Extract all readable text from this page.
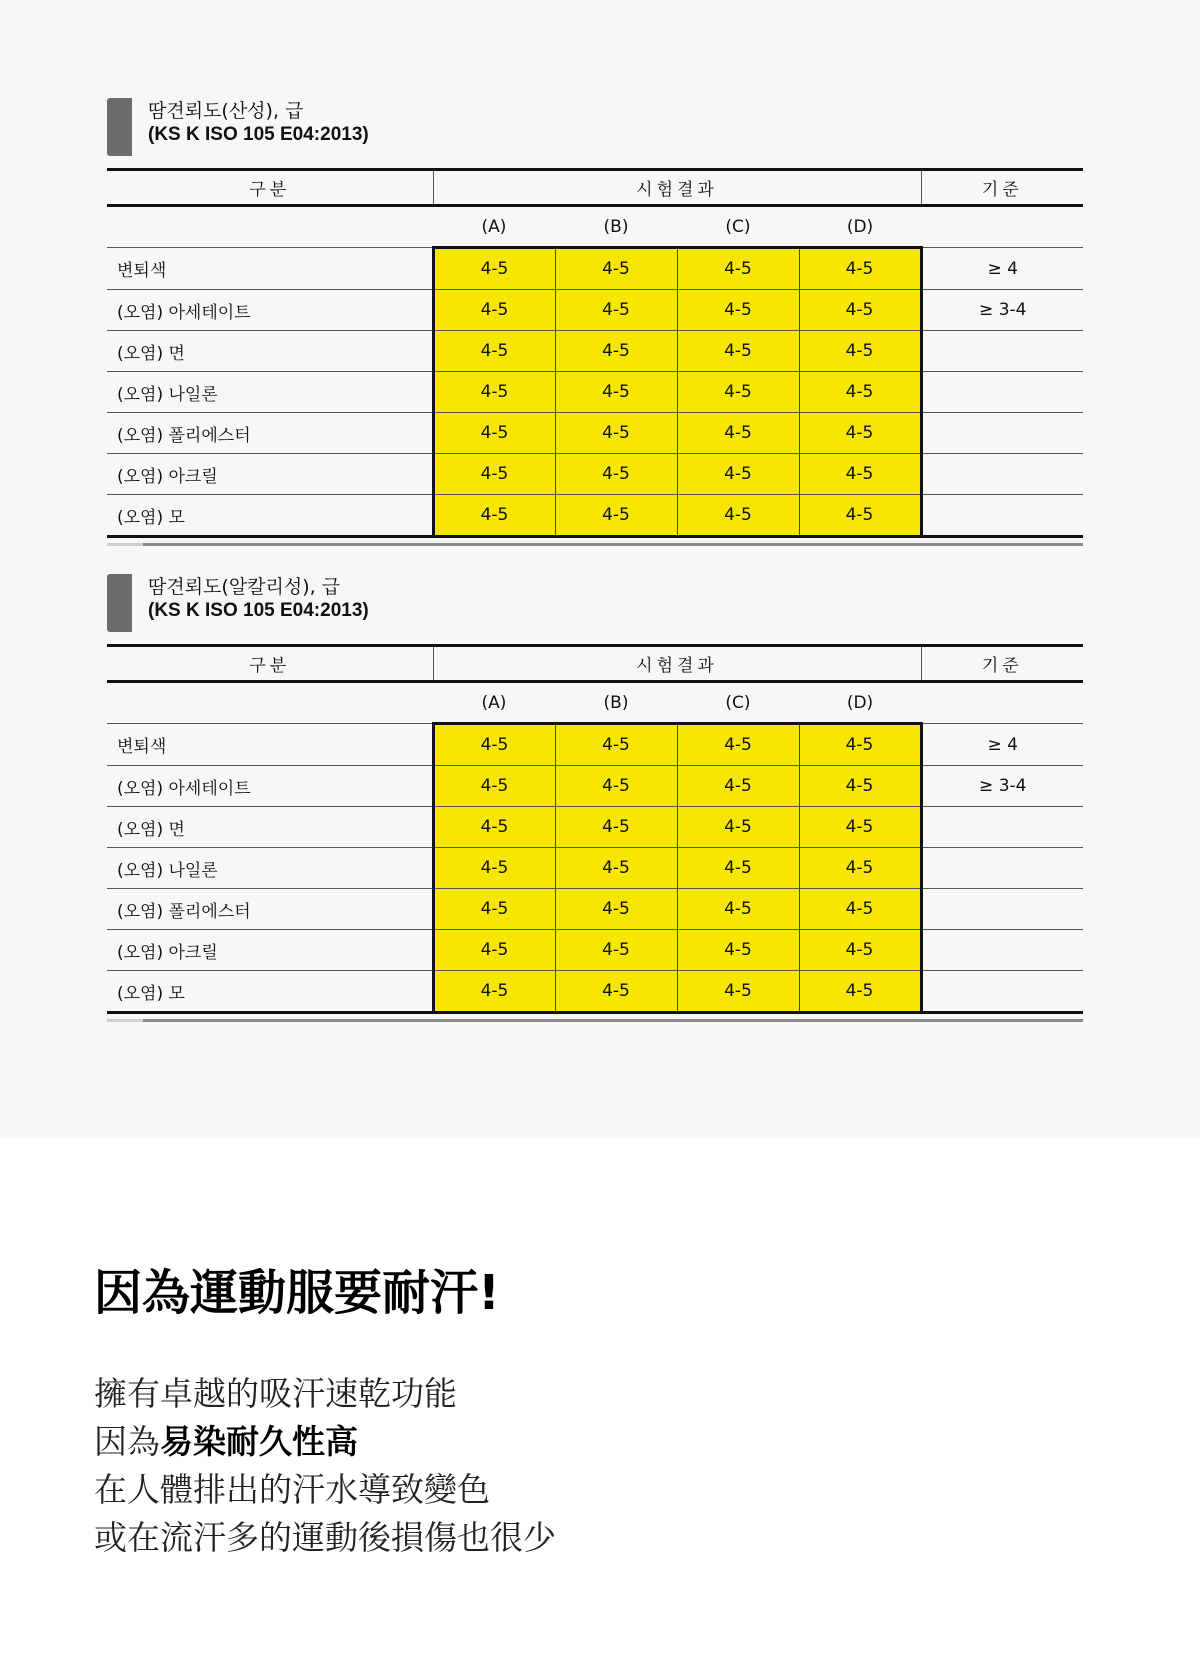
땀견뢰도(산성), 급
(KS K ISO 105 E04:2013)
구분	시험결과				기준
	(A)	(B)	(C)	(D)	
변퇴색	4-5	4-5	4-5	4-5	≥ 4
(오염) 아세테이트	4-5	4-5	4-5	4-5	≥ 3-4
(오염) 면	4-5	4-5	4-5	4-5	
(오염) 나일론	4-5	4-5	4-5	4-5	
(오염) 폴리에스터	4-5	4-5	4-5	4-5	
(오염) 아크릴	4-5	4-5	4-5	4-5	
(오염) 모	4-5	4-5	4-5	4-5	
땀견뢰도(알칼리성), 급
(KS K ISO 105 E04:2013)
구분	시험결과				기준
	(A)	(B)	(C)	(D)	
변퇴색	4-5	4-5	4-5	4-5	≥ 4
(오염) 아세테이트	4-5	4-5	4-5	4-5	≥ 3-4
(오염) 면	4-5	4-5	4-5	4-5	
(오염) 나일론	4-5	4-5	4-5	4-5	
(오염) 폴리에스터	4-5	4-5	4-5	4-5	
(오염) 아크릴	4-5	4-5	4-5	4-5	
(오염) 모	4-5	4-5	4-5	4-5	
因為運動服要耐汗!
擁有卓越的吸汗速乾功能
因為易染耐久性高
在人體排出的汗水導致變色
或在流汗多的運動後損傷也很少
